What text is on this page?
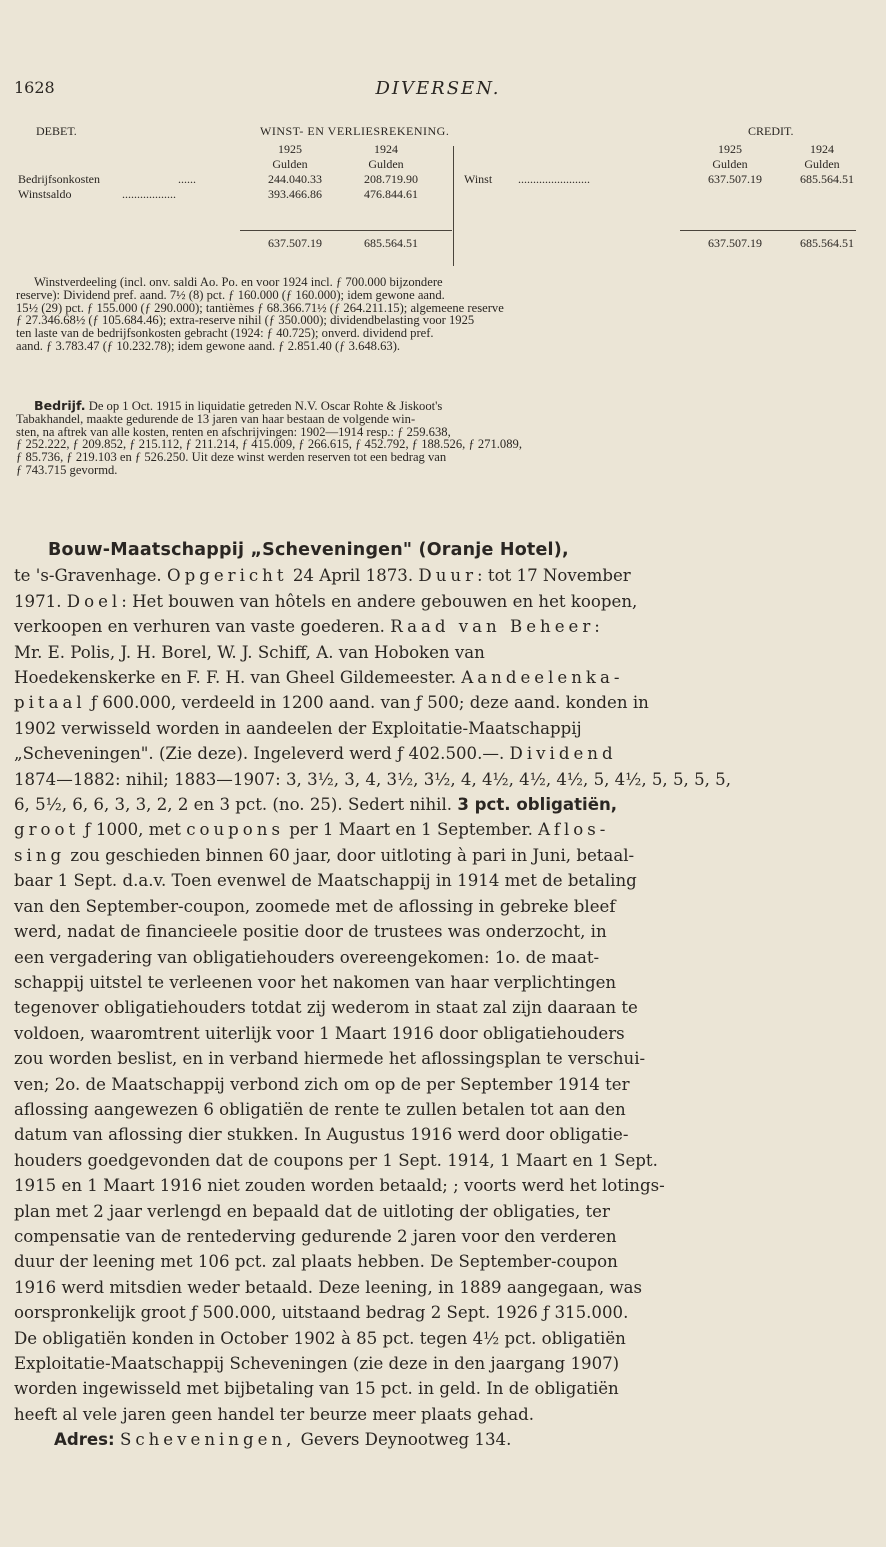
1628	DIVERSEN.
DEBET.	WINST- EN VERLIESREKENING.	CREDIT.
1925	1924	1925	1924
Gulden	Gulden	Gulden	Gulden
Bedrijfsonkosten	......	244.040.33	208.719.90	Winst ........................	637.507.19	685.564.51
Winstsaldo	..................	393.466.86	476.844.61
637.507.19	685.564.51	637.507.19	685.564.51
Winstverdeeling (incl. onv. saldi Ao. Po. en voor 1924 incl. ƒ 700.000 bijzondere
reserve): Dividend pref. aand. 7½ (8) pct. ƒ 160.000 (ƒ 160.000); idem gewone aand.
15½ (29) pct. ƒ 155.000 (ƒ 290.000); tantièmes ƒ 68.366.71½ (ƒ 264.211.15); algemeene reserve
ƒ 27.346.68½ (ƒ 105.684.46); extra-reserve nihil (ƒ 350.000); dividendbelasting voor 1925
ten laste van de bedrijfsonkosten gebracht (1924: ƒ 40.725); onverd. dividend pref.
aand. ƒ 3.783.47 (ƒ 10.232.78); idem gewone aand. ƒ 2.851.40 (ƒ 3.648.63).
Bedrijf. De op 1 Oct. 1915 in liquidatie getreden N.V. Oscar Rohte & Jiskoot's
Tabakhandel, maakte gedurende de 13 jaren van haar bestaan de volgende win-
sten, na aftrek van alle kosten, renten en afschrijvingen: 1902—1914 resp.: ƒ 259.638,
ƒ 252.222, ƒ 209.852, ƒ 215.112, ƒ 211.214, ƒ 415.009, ƒ 266.615, ƒ 452.792, ƒ 188.526, ƒ 271.089,
ƒ 85.736, ƒ 219.103 en ƒ 526.250. Uit deze winst werden reserven tot een bedrag van
ƒ 743.715 gevormd.
Bouw-Maatschappij „Scheveningen" (Oranje Hotel),
te 's-Gravenhage. Opgericht 24 April 1873. Duur: tot 17 November
1971. Doel: Het bouwen van hôtels en andere gebouwen en het koopen,
verkoopen en verhuren van vaste goederen. Raad van Beheer:
Mr. E. Polis, J. H. Borel, W. J. Schiff, A. van Hoboken van
Hoedekenskerke en F. F. H. van Gheel Gildemeester. Aandeelenka-
pitaal ƒ 600.000, verdeeld in 1200 aand. van ƒ 500; deze aand. konden in
1902 verwisseld worden in aandeelen der Exploitatie-Maatschappij
„Scheveningen". (Zie deze). Ingeleverd werd ƒ 402.500.—. Dividend
1874—1882: nihil; 1883—1907: 3, 3½, 3, 4, 3½, 3½, 4, 4½, 4½, 4½, 5, 4½, 5, 5, 5, 5,
6, 5½, 6, 6, 3, 3, 2, 2 en 3 pct. (no. 25). Sedert nihil. 3 pct. obligatiën,
groot ƒ 1000, met coupons per 1 Maart en 1 September. Aflos-
sing zou geschieden binnen 60 jaar, door uitloting à pari in Juni, betaal-
baar 1 Sept. d.a.v. Toen evenwel de Maatschappij in 1914 met de betaling
van den September-coupon, zoomede met de aflossing in gebreke bleef
werd, nadat de financieele positie door de trustees was onderzocht, in
een vergadering van obligatiehouders overeengekomen: 1o. de maat-
schappij uitstel te verleenen voor het nakomen van haar verplichtingen
tegenover obligatiehouders totdat zij wederom in staat zal zijn daaraan te
voldoen, waaromtrent uiterlijk voor 1 Maart 1916 door obligatiehouders
zou worden beslist, en in verband hiermede het aflossingsplan te verschui-
ven; 2o. de Maatschappij verbond zich om op de per September 1914 ter
aflossing aangewezen 6 obligatiën de rente te zullen betalen tot aan den
datum van aflossing dier stukken. In Augustus 1916 werd door obligatie-
houders goedgevonden dat de coupons per 1 Sept. 1914, 1 Maart en 1 Sept.
1915 en 1 Maart 1916 niet zouden worden betaald; ; voorts werd het lotings-
plan met 2 jaar verlengd en bepaald dat de uitloting der obligaties, ter
compensatie van de rentederving gedurende 2 jaren voor den verderen
duur der leening met 106 pct. zal plaats hebben. De September-coupon
1916 werd mitsdien weder betaald. Deze leening, in 1889 aangegaan, was
oorspronkelijk groot ƒ 500.000, uitstaand bedrag 2 Sept. 1926 ƒ 315.000.
De obligatiën konden in October 1902 à 85 pct. tegen 4½ pct. obligatiën
Exploitatie-Maatschappij Scheveningen (zie deze in den jaargang 1907)
worden ingewisseld met bijbetaling van 15 pct. in geld. In de obligatiën
heeft al vele jaren geen handel ter beurze meer plaats gehad.
Adres: Scheveningen, Gevers Deynootweg 134.
